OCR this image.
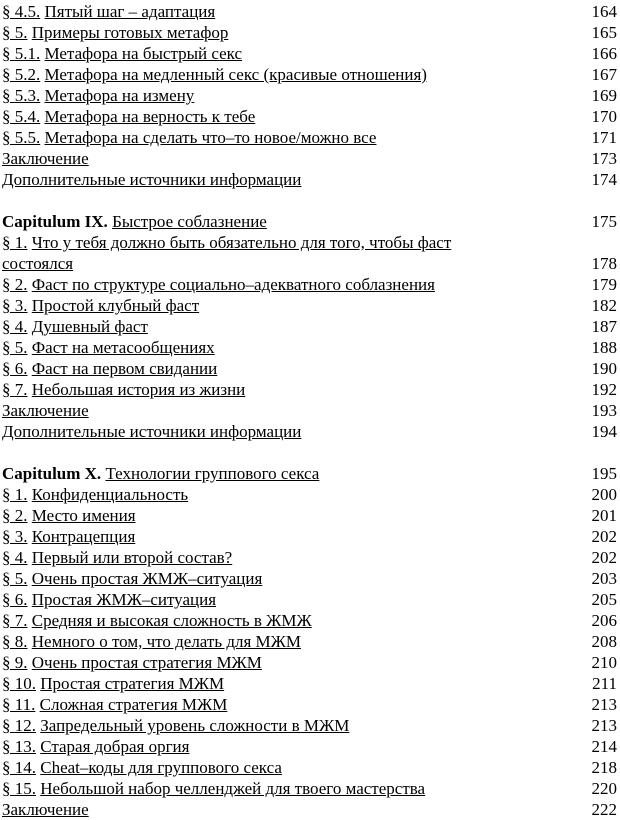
§ 4.5. Пятый шаг – адаптация	164
§ 5. Примеры готовых метафор	165
§ 5.1. Метафора на быстрый секс	166
§ 5.2. Метафора на медленный секс (красивые отношения)	167
§ 5.3. Метафора на измену	169
§ 5.4. Метафора на верность к тебе	170
§ 5.5. Метафора на сделать что–то новое/можно все	171
Заключение	173
Дополнительные источники информации	174
Capitulum IX. Быстрое соблазнение	175
§ 1. Что у тебя должно быть обязательно для того, чтобы фаст состоялся	178
§ 2. Фаст по структуре социально–адекватного соблазнения	179
§ 3. Простой клубный фаст	182
§ 4. Душевный фаст	187
§ 5. Фаст на метасообщениях	188
§ 6. Фаст на первом свидании	190
§ 7. Небольшая история из жизни	192
Заключение	193
Дополнительные источники информации	194
Capitulum X. Технологии группового секса	195
§ 1. Конфиденциальность	200
§ 2. Место имения	201
§ 3. Контрацепция	202
§ 4. Первый или второй состав?	202
§ 5. Очень простая ЖМЖ–ситуация	203
§ 6. Простая ЖМЖ–ситуация	205
§ 7. Средняя и высокая сложность в ЖМЖ	206
§ 8. Немного о том, что делать для МЖМ	208
§ 9. Очень простая стратегия МЖМ	210
§ 10. Простая стратегия МЖМ	211
§ 11. Сложная стратегия МЖМ	213
§ 12. Запредельный уровень сложности в МЖМ	213
§ 13. Старая добрая оргия	214
§ 14. Cheat–коды для группового секса	218
§ 15. Небольшой набор челленджей для твоего мастерства	220
Заключение	222
